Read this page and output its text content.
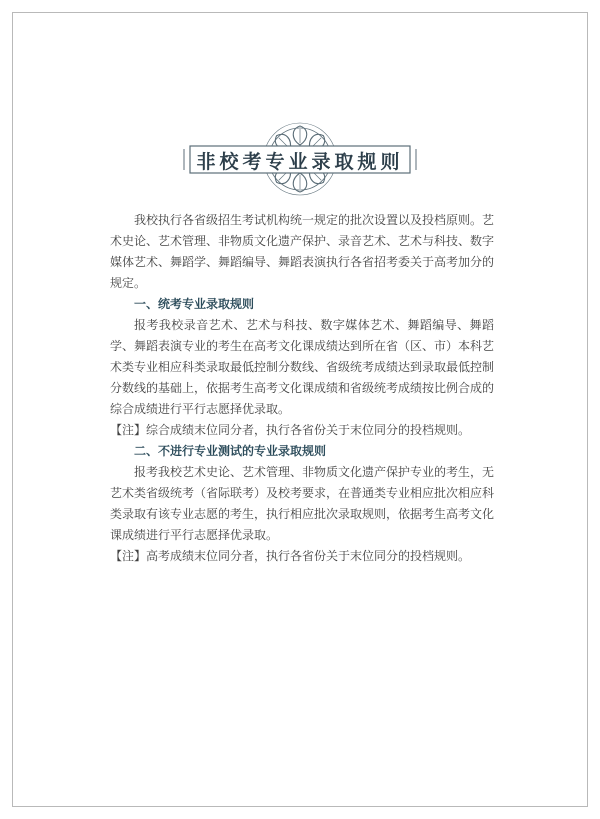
非校考专业录取规则

我校执行各省级招生考试机构统一规定的批次设置以及投档原则。艺术史论、艺术管理、非物质文化遗产保护、录音艺术、艺术与科技、数字媒体艺术、舞蹈学、舞蹈编导、舞蹈表演执行各省招考委关于高考加分的规定。

一、统考专业录取规则

报考我校录音艺术、艺术与科技、数字媒体艺术、舞蹈编导、舞蹈学、舞蹈表演专业的考生在高考文化课成绩达到所在省（区、市）本科艺术类专业相应科类录取最低控制分数线、省级统考成绩达到录取最低控制分数线的基础上，依据考生高考文化课成绩和省级统考成绩按比例合成的综合成绩进行平行志愿择优录取。

【注】综合成绩末位同分者，执行各省份关于末位同分的投档规则。

二、不进行专业测试的专业录取规则

报考我校艺术史论、艺术管理、非物质文化遗产保护专业的考生，无艺术类省级统考（省际联考）及校考要求，在普通类专业相应批次相应科类录取有该专业志愿的考生，执行相应批次录取规则，依据考生高考文化课成绩进行平行志愿择优录取。

【注】高考成绩末位同分者，执行各省份关于末位同分的投档规则。
